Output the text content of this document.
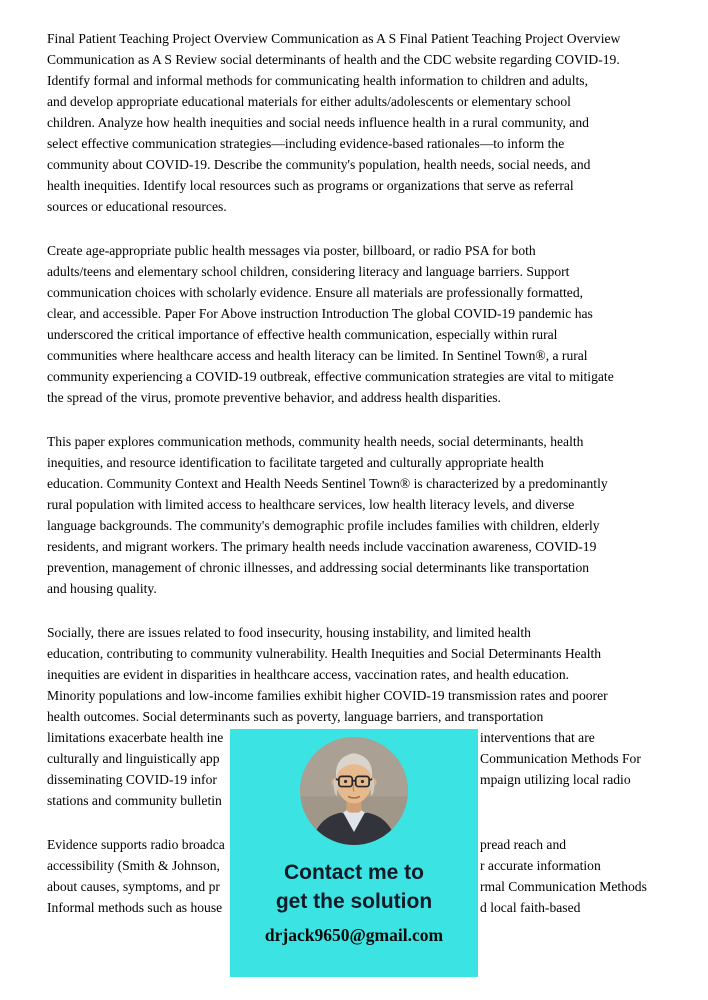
Final Patient Teaching Project Overview Communication as A S Final Patient Teaching Project Overview
Communication as A S Review social determinants of health and the CDC website regarding COVID-19.
Identify formal and informal methods for communicating health information to children and adults,
and develop appropriate educational materials for either adults/adolescents or elementary school
children. Analyze how health inequities and social needs influence health in a rural community, and
select effective communication strategies—including evidence-based rationales—to inform the
community about COVID-19. Describe the community's population, health needs, social needs, and
health inequities. Identify local resources such as programs or organizations that serve as referral
sources or educational resources.
Create age-appropriate public health messages via poster, billboard, or radio PSA for both
adults/teens and elementary school children, considering literacy and language barriers. Support
communication choices with scholarly evidence. Ensure all materials are professionally formatted,
clear, and accessible. Paper For Above instruction Introduction The global COVID-19 pandemic has
underscored the critical importance of effective health communication, especially within rural
communities where healthcare access and health literacy can be limited. In Sentinel Town®, a rural
community experiencing a COVID-19 outbreak, effective communication strategies are vital to mitigate
the spread of the virus, promote preventive behavior, and address health disparities.
This paper explores communication methods, community health needs, social determinants, health
inequities, and resource identification to facilitate targeted and culturally appropriate health
education. Community Context and Health Needs Sentinel Town® is characterized by a predominantly
rural population with limited access to healthcare services, low health literacy levels, and diverse
language backgrounds. The community's demographic profile includes families with children, elderly
residents, and migrant workers. The primary health needs include vaccination awareness, COVID-19
prevention, management of chronic illnesses, and addressing social determinants like transportation
and housing quality.
Socially, there are issues related to food insecurity, housing instability, and limited health
education, contributing to community vulnerability. Health Inequities and Social Determinants Health
inequities are evident in disparities in healthcare access, vaccination rates, and health education.
Minority populations and low-income families exhibit higher COVID-19 transmission rates and poorer
health outcomes. Social determinants such as poverty, language barriers, and transportation
limitations exacerbate health ine	interventions that are
culturally and linguistically app	Communication Methods For
disseminating COVID-19 infor	mpaign utilizing local radio
stations and community bulletin
Evidence supports radio broadca	pread reach and
accessibility (Smith & Johnson,	r accurate information
about causes, symptoms, and pr	rmal Communication Methods
Informal methods such as house	d local faith-based
Contact me to
get the solution
drjack9650@gmail.com
